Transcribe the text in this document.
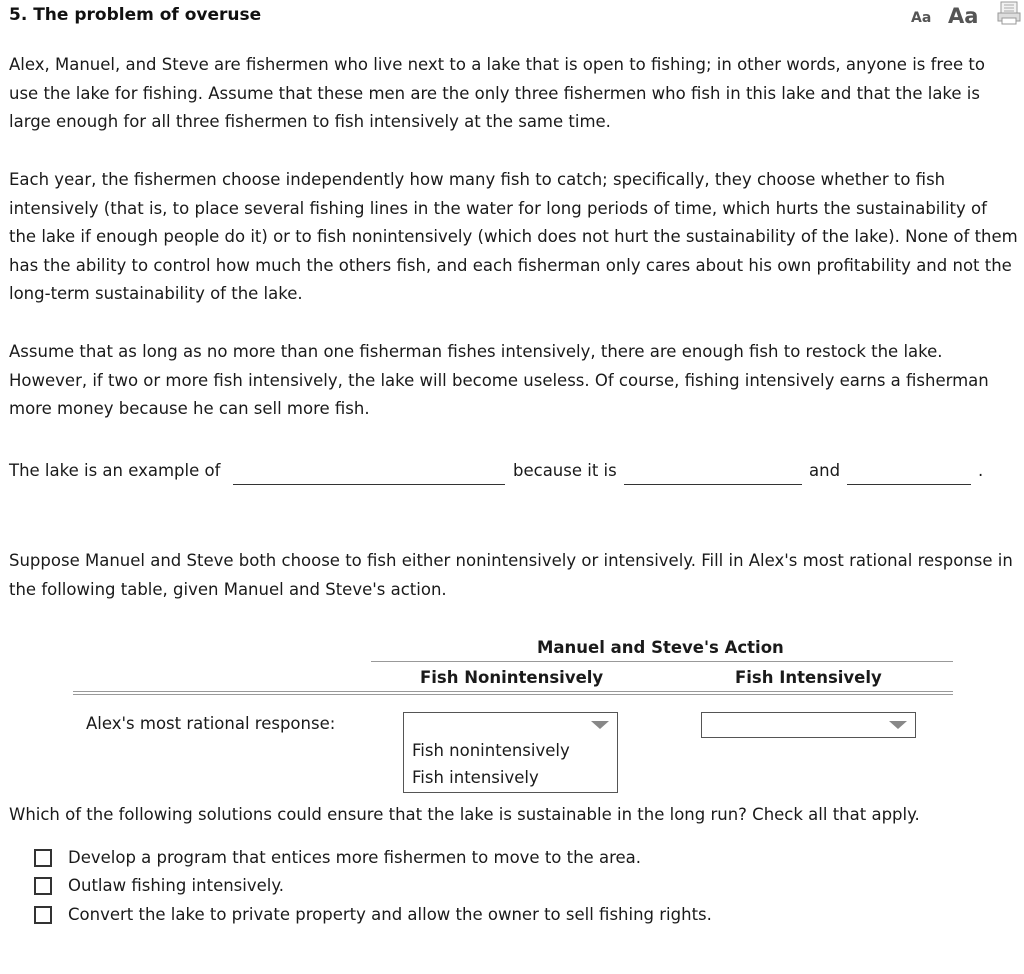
5. The problem of overuse	Aa Aa

Alex, Manuel, and Steve are fishermen who live next to a lake that is open to fishing; in other words, anyone is free to use the lake for fishing. Assume that these men are the only three fishermen who fish in this lake and that the lake is large enough for all three fishermen to fish intensively at the same time.

Each year, the fishermen choose independently how many fish to catch; specifically, they choose whether to fish intensively (that is, to place several fishing lines in the water for long periods of time, which hurts the sustainability of the lake if enough people do it) or to fish nonintensively (which does not hurt the sustainability of the lake). None of them has the ability to control how much the others fish, and each fisherman only cares about his own profitability and not the long-term sustainability of the lake.

Assume that as long as no more than one fisherman fishes intensively, there are enough fish to restock the lake. However, if two or more fish intensively, the lake will become useless. Of course, fishing intensively earns a fisherman more money because he can sell more fish.

The lake is an example of	because it is	and	.

Suppose Manuel and Steve both choose to fish either nonintensively or intensively. Fill in Alex's most rational response in the following table, given Manuel and Steve's action.

Manuel and Steve's Action
Fish Nonintensively	Fish Intensively
Alex's most rational response:
Fish nonintensively
Fish intensively

Which of the following solutions could ensure that the lake is sustainable in the long run? Check all that apply.

Develop a program that entices more fishermen to move to the area.
Outlaw fishing intensively.
Convert the lake to private property and allow the owner to sell fishing rights.
